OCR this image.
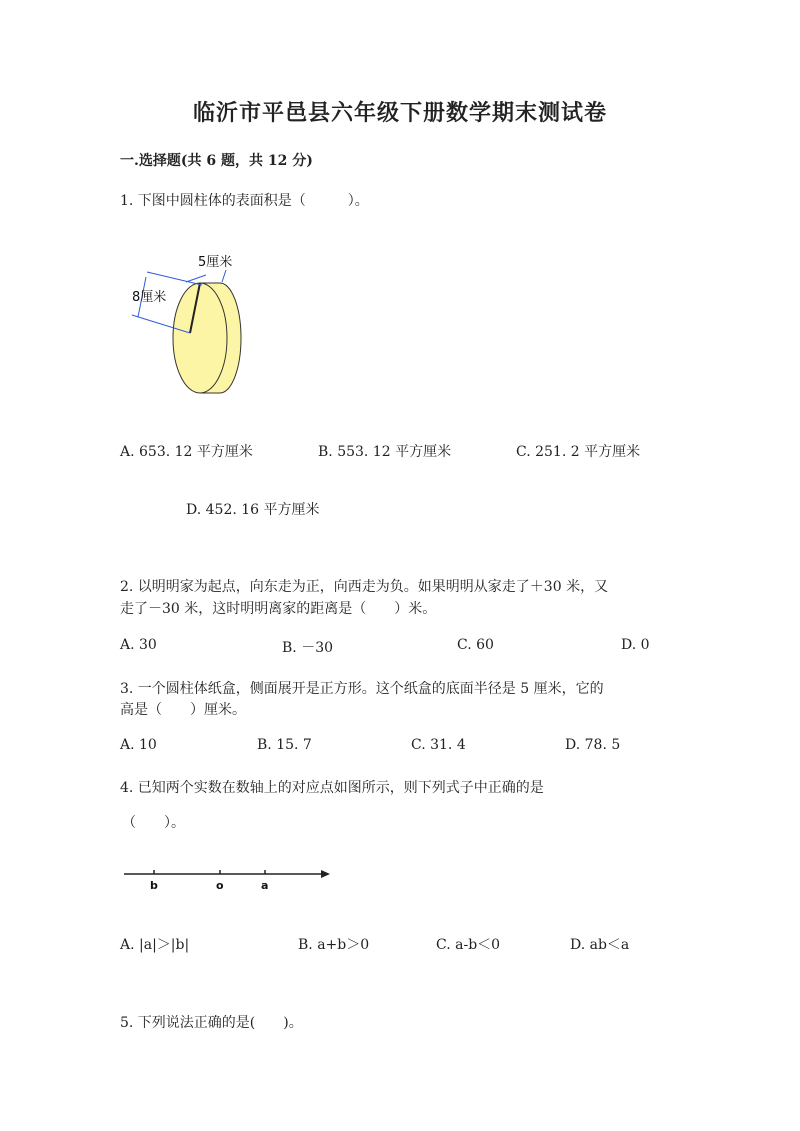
临沂市平邑县六年级下册数学期末测试卷
一.选择题(共 6 题，共 12 分)
1. 下图中圆柱体的表面积是（　　　）。
5厘米
8厘米
A. 653. 12 平方厘米	B. 553. 12 平方厘米	C. 251. 2 平方厘米
D. 452. 16 平方厘米
2. 以明明家为起点，向东走为正，向西走为负。如果明明从家走了＋30 米，又
走了－30 米，这时明明离家的距离是（　　）米。
A. 30	B. －30	C. 60	D. 0
3. 一个圆柱体纸盒，侧面展开是正方形。这个纸盒的底面半径是 5 厘米，它的
高是（　　）厘米。
A. 10	B. 15. 7	C. 31. 4	D. 78. 5
4. 已知两个实数在数轴上的对应点如图所示，则下列式子中正确的是
（　　）。
b	o	a
A. |a|＞|b|	B. a+b＞0	C. a-b＜0	D. ab＜a
5. 下列说法正确的是(　　)。
